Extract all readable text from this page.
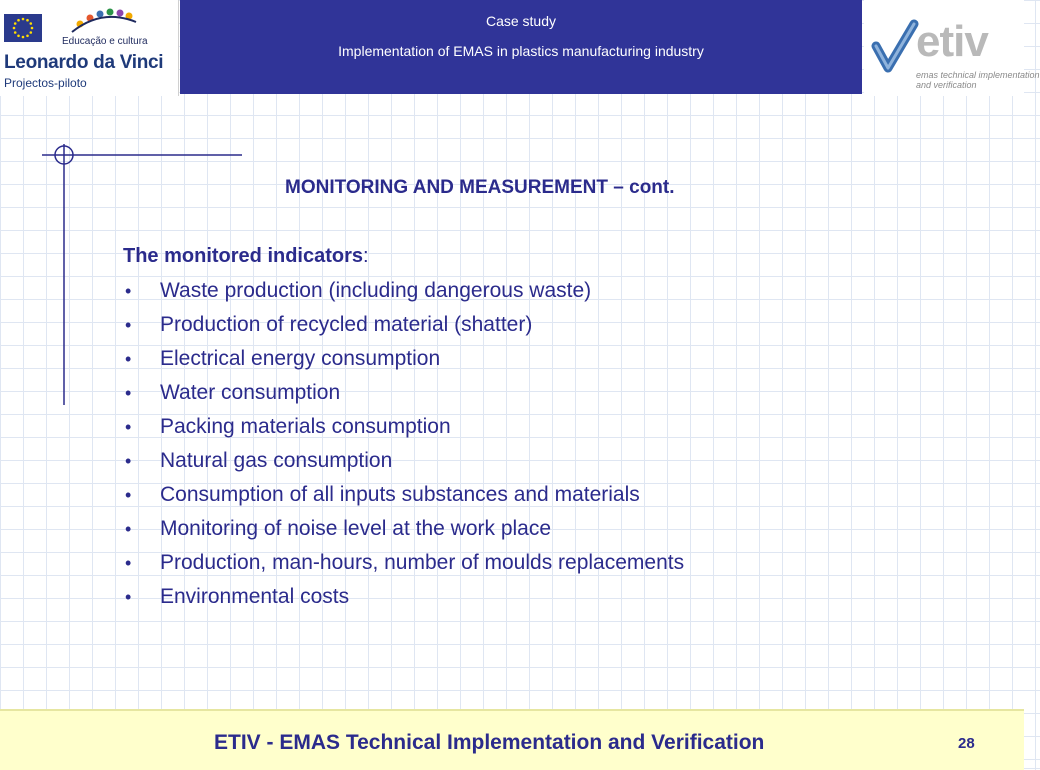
Educação e cultura
Leonardo da Vinci
Projectos-piloto
Case study
Implementation of EMAS in plastics manufacturing industry	etiv
emas technical implementation
and verification
MONITORING AND MEASUREMENT – cont.
The monitored indicators:
• Waste production (including dangerous waste)
• Production of recycled material (shatter)
• Electrical energy consumption
• Water consumption
• Packing materials consumption
• Natural gas consumption
• Consumption of all inputs substances and materials
• Monitoring of noise level at the work place
• Production, man-hours, number of moulds replacements
• Environmental costs
ETIV - EMAS Technical Implementation and Verification	28
